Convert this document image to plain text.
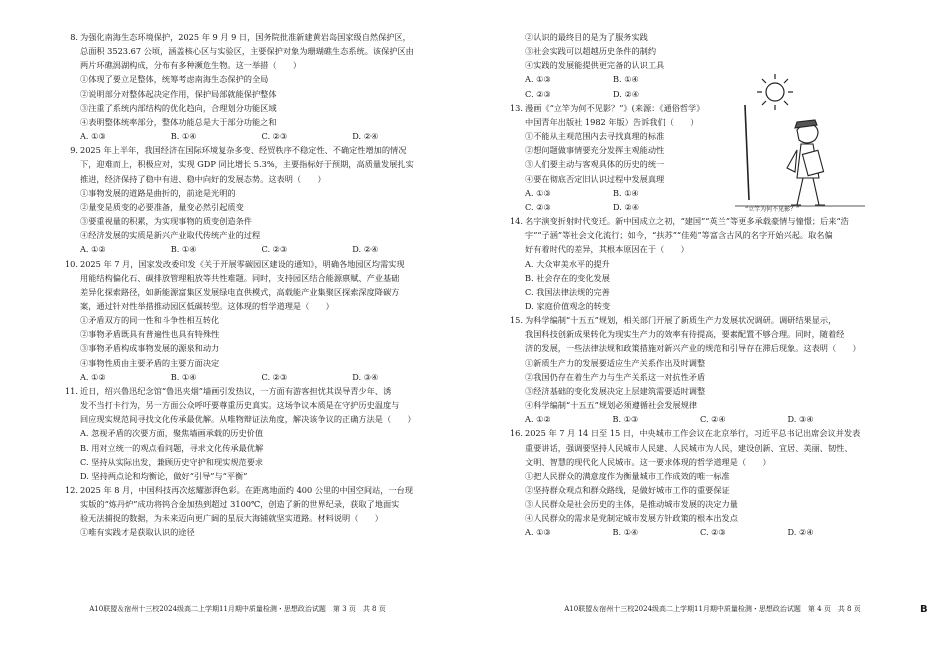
8. 为强化南海生态环境保护，2025 年 9 月 9 日，国务院批准新建黄岩岛国家级自然保护区，

总面积 3523.67 公顷，涵盖核心区与实验区，主要保护对象为珊瑚礁生态系统。该保护区由

两片环礁潟湖构成，分布有多种濒危生物。这一举措（　　）

①体现了要立足整体，统筹考虑南海生态保护的全局

②说明部分对整体起决定作用，保护局部就能保护整体

③注重了系统内部结构的优化趋向，合理划分功能区域

④表明整体统率部分，整体功能总是大于部分功能之和

A. ①③	B. ①④	C. ②③	D. ②④

9. 2025 年上半年，我国经济在国际环境复杂多变、经贸秩序不稳定性、不确定性增加的情况

下，迎难而上，积极应对，实现 GDP 同比增长 5.3%，主要指标好于预期，高质量发展扎实

推进，经济保持了稳中有进、稳中向好的发展态势。这表明（　　）

①事物发展的道路是曲折的，前途是光明的

②量变是质变的必要准备，量变必然引起质变

③要重视量的积累，为实现事物的质变创造条件

④经济发展的实质是新兴产业取代传统产业的过程

A. ①②	B. ①④	C. ②③	D. ②④

10. 2025 年 7 月，国家发改委印发《关于开展零碳园区建设的通知》，明确各地园区均需实现

用能结构偏化石、碳排放管理粗放等共性难题。同时，支持园区结合能源禀赋、产业基础

差异化探索路径，如新能源富集区发展绿电直供模式，高载能产业集聚区探索深度降碳方

案，通过针对性举措推动园区低碳转型。这体现的哲学道理是（　　）

①矛盾双方的同一性和斗争性相互转化

②事物矛盾既具有普遍性也具有特殊性

③事物矛盾构成事物发展的源泉和动力

④事物性质由主要矛盾的主要方面决定

A. ①②	B. ①④	C. ②③	D. ③④

11. 近日，绍兴鲁迅纪念馆“鲁迅夹烟”墙画引发热议，一方面有游客担忧其误导青少年、诱

发不当打卡行为，另一方面公众呼吁要尊重历史真实。这场争议本质是在守护历史温度与

回应现实规范间寻找文化传承最优解。从唯物辩证法角度，解决该争议的正确方法是（　　）

A. 忽视矛盾的次要方面，聚焦墙画承载的历史价值

B. 用对立统一的观点看问题，寻求文化传承最优解

C. 坚持从实际出发，兼顾历史守护和现实规范要求

D. 坚持两点论和均衡论，做好“引导”与“平衡”

12. 2025 年 8 月，中国科技再次炫耀澎湃色彩。在距离地面约 400 公里的中国空间站，一台现

实版的“炼丹炉”成功将钨合金加热到超过 3100℃，创造了新的世界纪录，获取了地面实

验无法捕捉的数据，为未来迈向更广阔的星辰大海铺就坚实道路。材料说明（　　）

①唯有实践才是获取认识的途径

A10联盟＆宿州十三校2024级高二上学期11月期中质量检测・思想政治试题　第 3 页　共 8 页

②认识的最终目的是为了服务实践

③社会实践可以超越历史条件的制约

④实践的发展能提供更完备的认识工具

A. ①③	B. ①④
C. ②③	D. ②④

13. 漫画《“立竿为何不见影？”》(来源：《通俗哲学》

中国青年出版社 1982 年版）告诉我们（　　）

①不能从主观范围内去寻找真理的标准

②想问题做事情要充分发挥主观能动性

③人们要主动与客观具体的历史的统一

④要在彻底否定旧认识过程中发展真理

A. ①③	B. ①④
C. ②③	D. ②④

14. 名字演变折射时代变迁。新中国成立之初，“建国”“英兰”等更多承载豪情与憧憬；后来“浩

宇”“子涵”等社会文化流行；如今，“扶苏”“佳苑”等富含古风的名字开始兴起。取名偏

好有着时代的差异，其根本原因在于（　　）

A. 大众审美水平的提升

B. 社会存在的变化发展

C. 我国法律法规的完善

D. 家庭价值观念的转变

15. 为科学编制“十五五”规划，相关部门开展了新质生产力发展状况调研。调研结果显示，

我国科技创新成果转化为现实生产力的效率有待提高，要素配置不够合理。同时，随着经

济的发展，一些法律法规和政策措施对新兴产业的规范和引导存在滞后现象。这表明（　　）

①新质生产力的发展要适应生产关系作出及时调整

②我国仍存在着生产力与生产关系这一对抗性矛盾

③经济基础的变化发展决定上层建筑需要适时调整

④科学编制“十五五”规划必须遵循社会发展规律

A. ①②	B. ①③	C. ②④	D. ③④

16. 2025 年 7 月 14 日至 15 日，中央城市工作会议在北京举行，习近平总书记出席会议并发表

重要讲话，强调要坚持人民城市人民建、人民城市为人民，建设创新、宜居、美丽、韧性、

文明、智慧的现代化人民城市。这一要求体现的哲学道理是（　　）

①把人民群众的满意度作为衡量城市工作成效的唯一标准

②坚持群众观点和群众路线，是做好城市工作的重要保证

③人民群众是社会历史的主体，是推动城市发展的决定力量

④人民群众的需求是党制定城市发展方针政策的根本出发点

A. ①③	B. ①④	C. ②③	D. ②④
“立竿为何不见影？”
A10联盟＆宿州十三校2024级高二上学期11月期中质量检测・思想政治试题　第 4 页　共 8 页	B
